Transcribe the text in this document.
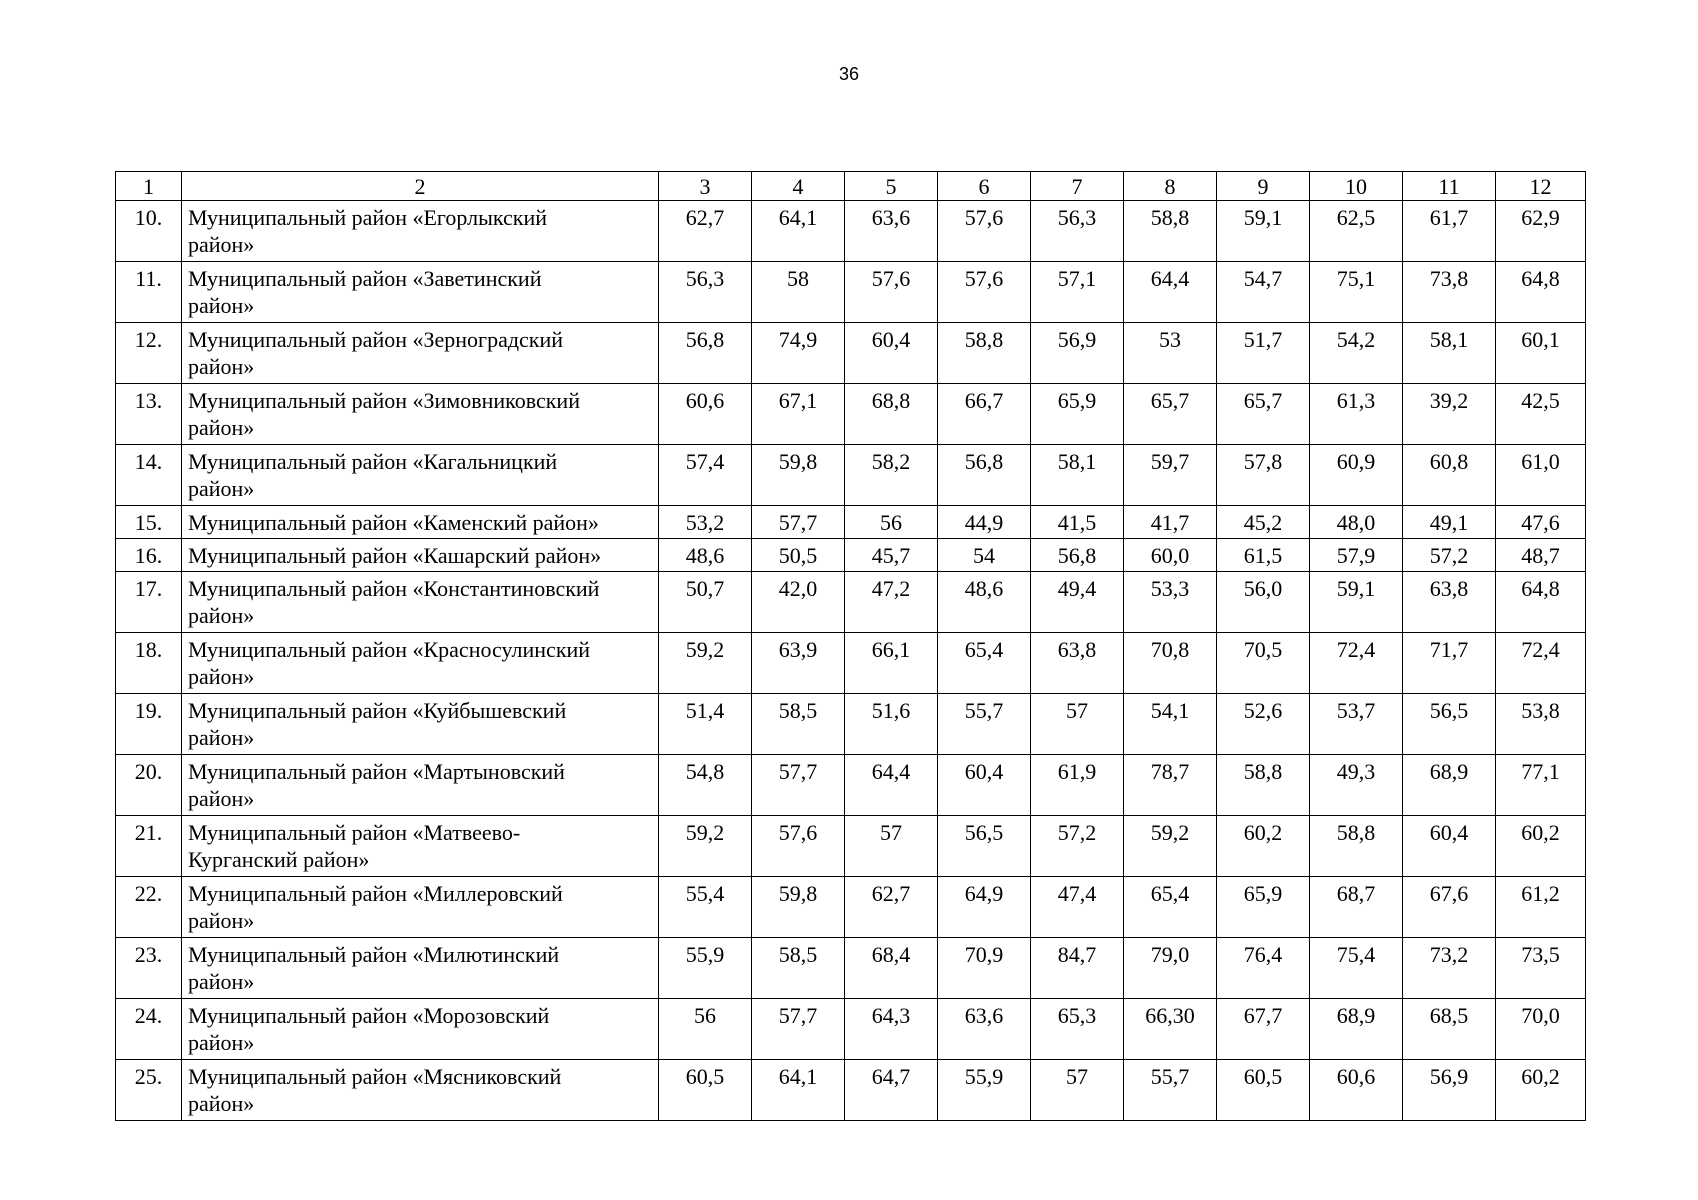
36
1	2	3	4	5	6	7	8	9	10	11	12
10.	Муниципальный район «Егорлыкский
район»	62,7	64,1	63,6	57,6	56,3	58,8	59,1	62,5	61,7	62,9
11.	Муниципальный район «Заветинский
район»	56,3	58	57,6	57,6	57,1	64,4	54,7	75,1	73,8	64,8
12.	Муниципальный район «Зерноградский
район»	56,8	74,9	60,4	58,8	56,9	53	51,7	54,2	58,1	60,1
13.	Муниципальный район «Зимовниковский
район»	60,6	67,1	68,8	66,7	65,9	65,7	65,7	61,3	39,2	42,5
14.	Муниципальный район «Кагальницкий
район»	57,4	59,8	58,2	56,8	58,1	59,7	57,8	60,9	60,8	61,0
15.	Муниципальный район «Каменский район»	53,2	57,7	56	44,9	41,5	41,7	45,2	48,0	49,1	47,6
16.	Муниципальный район «Кашарский район»	48,6	50,5	45,7	54	56,8	60,0	61,5	57,9	57,2	48,7
17.	Муниципальный район «Константиновский
район»	50,7	42,0	47,2	48,6	49,4	53,3	56,0	59,1	63,8	64,8
18.	Муниципальный район «Красносулинский
район»	59,2	63,9	66,1	65,4	63,8	70,8	70,5	72,4	71,7	72,4
19.	Муниципальный район «Куйбышевский
район»	51,4	58,5	51,6	55,7	57	54,1	52,6	53,7	56,5	53,8
20.	Муниципальный район «Мартыновский
район»	54,8	57,7	64,4	60,4	61,9	78,7	58,8	49,3	68,9	77,1
21.	Муниципальный район «Матвеево-
Курганский район»	59,2	57,6	57	56,5	57,2	59,2	60,2	58,8	60,4	60,2
22.	Муниципальный район «Миллеровский
район»	55,4	59,8	62,7	64,9	47,4	65,4	65,9	68,7	67,6	61,2
23.	Муниципальный район «Милютинский
район»	55,9	58,5	68,4	70,9	84,7	79,0	76,4	75,4	73,2	73,5
24.	Муниципальный район «Морозовский
район»	56	57,7	64,3	63,6	65,3	66,30	67,7	68,9	68,5	70,0
25.	Муниципальный район «Мясниковский
район»	60,5	64,1	64,7	55,9	57	55,7	60,5	60,6	56,9	60,2
